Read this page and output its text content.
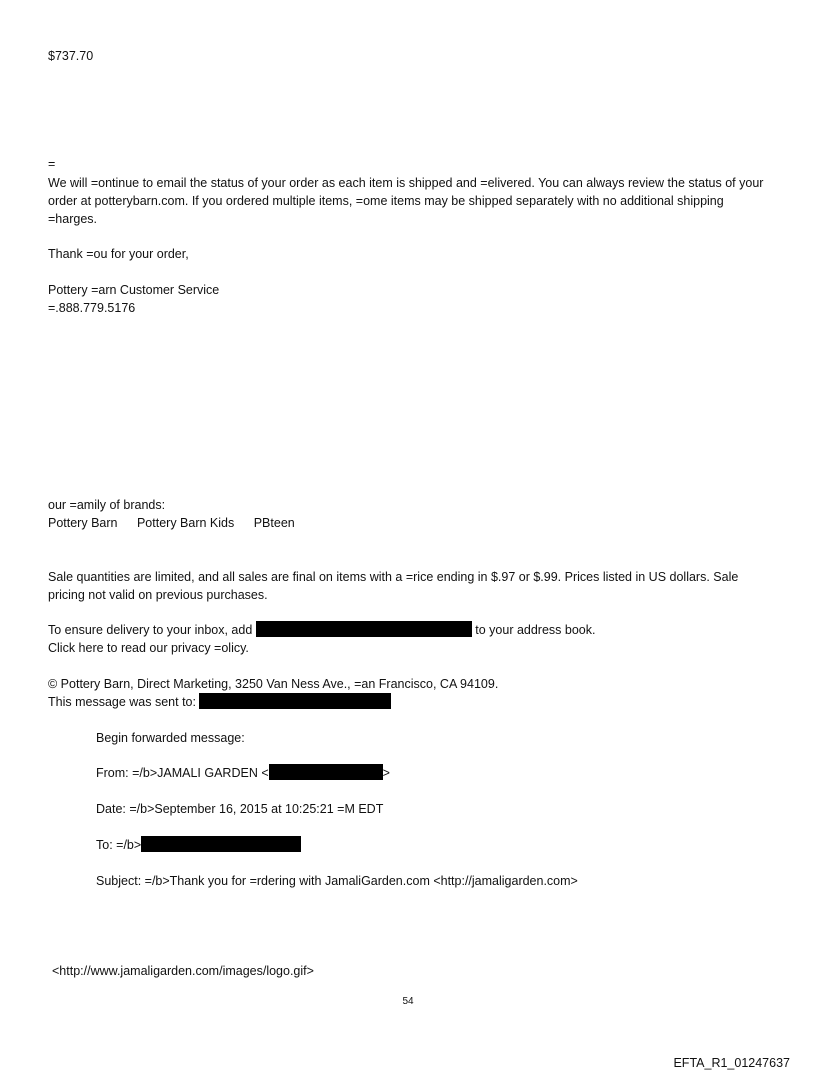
$737.70
=
We will =ontinue to email the status of your order as each item is shipped and =elivered. You can always review the status of your order at potterybarn.com. If you ordered multiple items, =ome items may be shipped separately with no additional shipping =harges.
Thank =ou for your order,
Pottery =arn Customer Service
=.888.779.5176
our =amily of brands:
Pottery Barn Pottery Barn Kids PBteen
Sale quantities are limited, and all sales are final on items with a =rice ending in $.97 or $.99. Prices listed in US dollars. Sale pricing not valid on previous purchases.
To ensure delivery to your inbox, add	to your address book.
Click here to read our privacy =olicy.
© Pottery Barn, Direct Marketing, 3250 Van Ness Ave., =an Francisco, CA 94109.
This message was sent to:
Begin forwarded message:
From: =/b>JAMALI GARDEN <	>
Date: =/b>September 16, 2015 at 10:25:21 =M EDT
To: =/b>
Subject: =/b>Thank you for =rdering with JamaliGarden.com <http://jamaligarden.com>
<http://www.jamaligarden.com/images/logo.gif>
54
EFTA_R1_01247637
